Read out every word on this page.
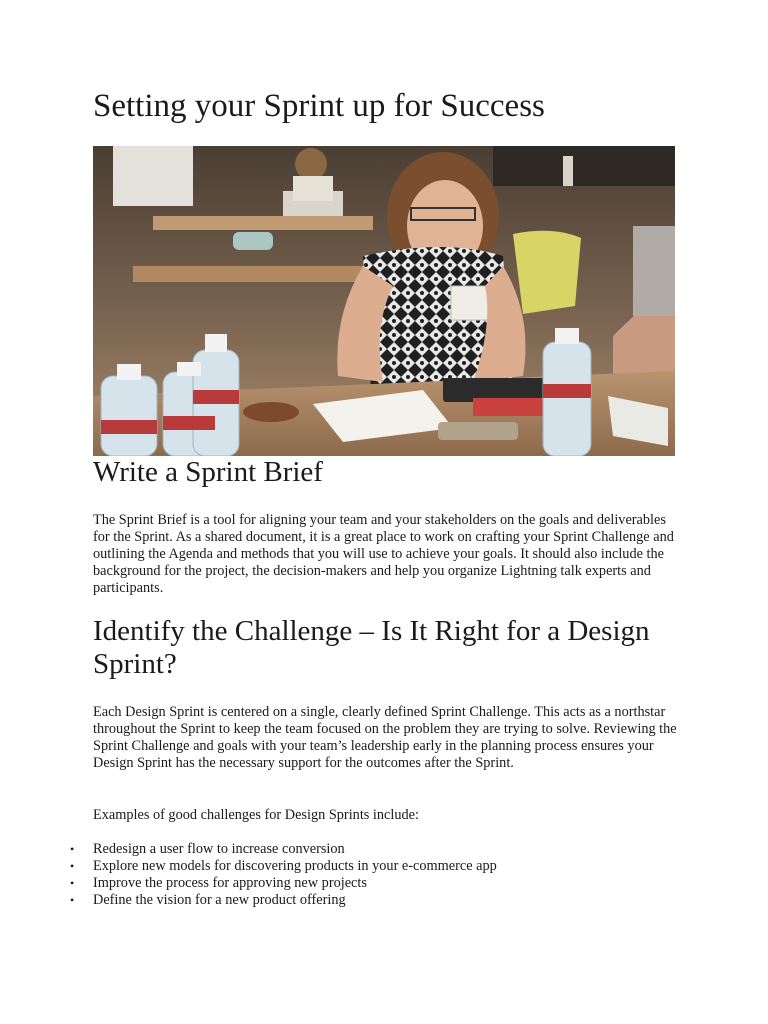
Setting your Sprint up for Success
Write a Sprint Brief

The Sprint Brief is a tool for aligning your team and your stakeholders on the goals and deliverables for the Sprint. As a shared document, it is a great place to work on crafting your Sprint Challenge and outlining the Agenda and methods that you will use to achieve your goals. It should also include the background for the project, the decision-makers and help you organize Lightning talk experts and participants.

Identify the Challenge – Is It Right for a Design Sprint?

Each Design Sprint is centered on a single, clearly defined Sprint Challenge. This acts as a northstar throughout the Sprint to keep the team focused on the problem they are trying to solve. Reviewing the Sprint Challenge and goals with your team’s leadership early in the planning process ensures your Design Sprint has the necessary support for the outcomes after the Sprint.

Examples of good challenges for Design Sprints include:

• Redesign a user flow to increase conversion
• Explore new models for discovering products in your e-commerce app
• Improve the process for approving new projects
• Define the vision for a new product offering
